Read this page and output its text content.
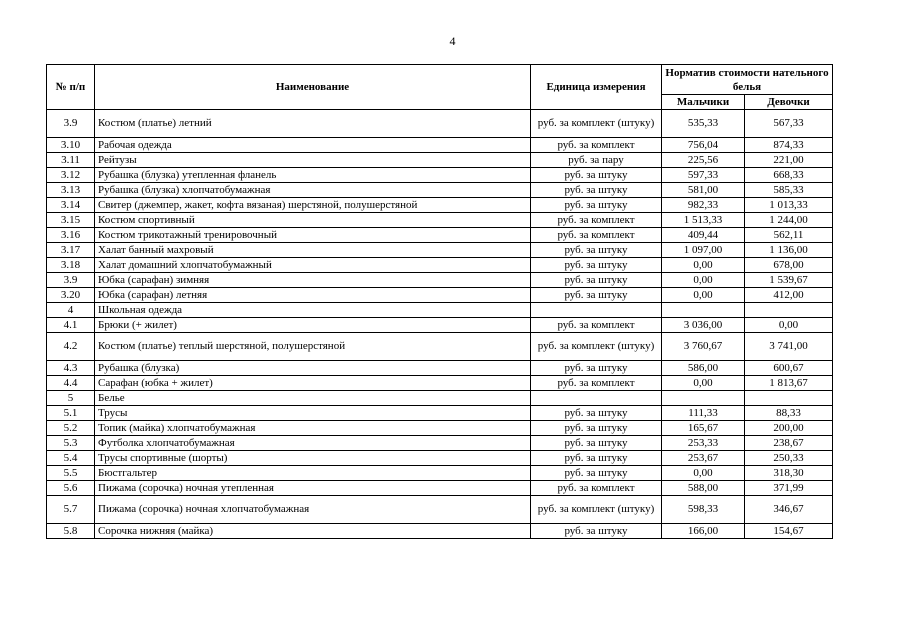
4
№ п/п	Наименование	Единица измерения	Норматив стоимости нательного белья	
			Мальчики	Девочки
3.9	Костюм (платье) летний	руб. за комплект (штуку)	535,33	567,33
3.10	Рабочая одежда	руб. за комплект	756,04	874,33
3.11	Рейтузы	руб. за пару	225,56	221,00
3.12	Рубашка (блузка) утепленная фланель	руб. за штуку	597,33	668,33
3.13	Рубашка (блузка) хлопчатобумажная	руб. за штуку	581,00	585,33
3.14	Свитер (джемпер, жакет, кофта вязаная) шерстяной, полушерстяной	руб. за штуку	982,33	1 013,33
3.15	Костюм спортивный	руб. за комплект	1 513,33	1 244,00
3.16	Костюм трикотажный тренировочный	руб. за комплект	409,44	562,11
3.17	Халат банный махровый	руб. за штуку	1 097,00	1 136,00
3.18	Халат домашний хлопчатобумажный	руб. за штуку	0,00	678,00
3.9	Юбка (сарафан) зимняя	руб. за штуку	0,00	1 539,67
3.20	Юбка (сарафан) летняя	руб. за штуку	0,00	412,00
4	Школьная одежда			
4.1	Брюки (+ жилет)	руб. за комплект	3 036,00	0,00
4.2	Костюм (платье) теплый шерстяной, полушерстяной	руб. за комплект (штуку)	3 760,67	3 741,00
4.3	Рубашка (блузка)	руб. за штуку	586,00	600,67
4.4	Сарафан (юбка + жилет)	руб. за комплект	0,00	1 813,67
5	Белье			
5.1	Трусы	руб. за штуку	111,33	88,33
5.2	Топик (майка) хлопчатобумажная	руб. за штуку	165,67	200,00
5.3	Футболка хлопчатобумажная	руб. за штуку	253,33	238,67
5.4	Трусы спортивные (шорты)	руб. за штуку	253,67	250,33
5.5	Бюстгальтер	руб. за штуку	0,00	318,30
5.6	Пижама (сорочка) ночная утепленная	руб. за комплект	588,00	371,99
5.7	Пижама (сорочка) ночная хлопчатобумажная	руб. за комплект (штуку)	598,33	346,67
5.8	Сорочка нижняя (майка)	руб. за штуку	166,00	154,67
